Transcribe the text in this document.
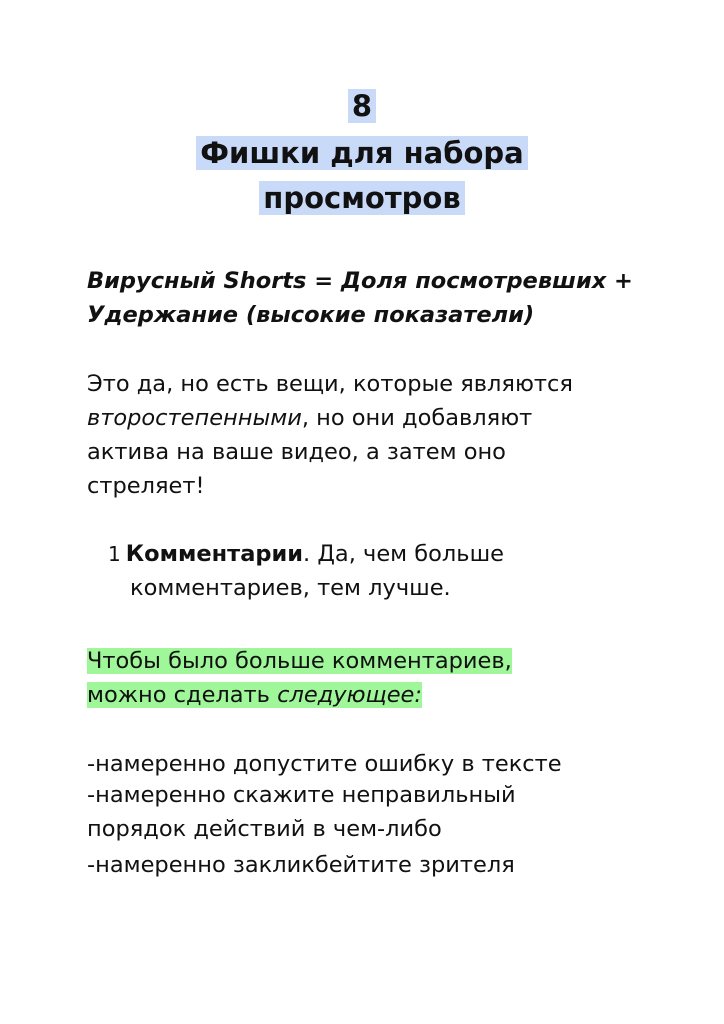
8
Фишки для набора
просмотров
Вирусный Shorts = Доля посмотревших +
Удержание (высокие показатели)
Это да, но есть вещи, которые являются
второстепенными, но они добавляют
актива на ваше видео, а затем оно
стреляет!
1 Комментарии. Да, чем больше
комментариев, тем лучше.
Чтобы было больше комментариев,
можно сделать следующее:
-намеренно допустите ошибку в тексте
-намеренно скажите неправильный
порядок действий в чем-либо
-намеренно закликбейтите зрителя
